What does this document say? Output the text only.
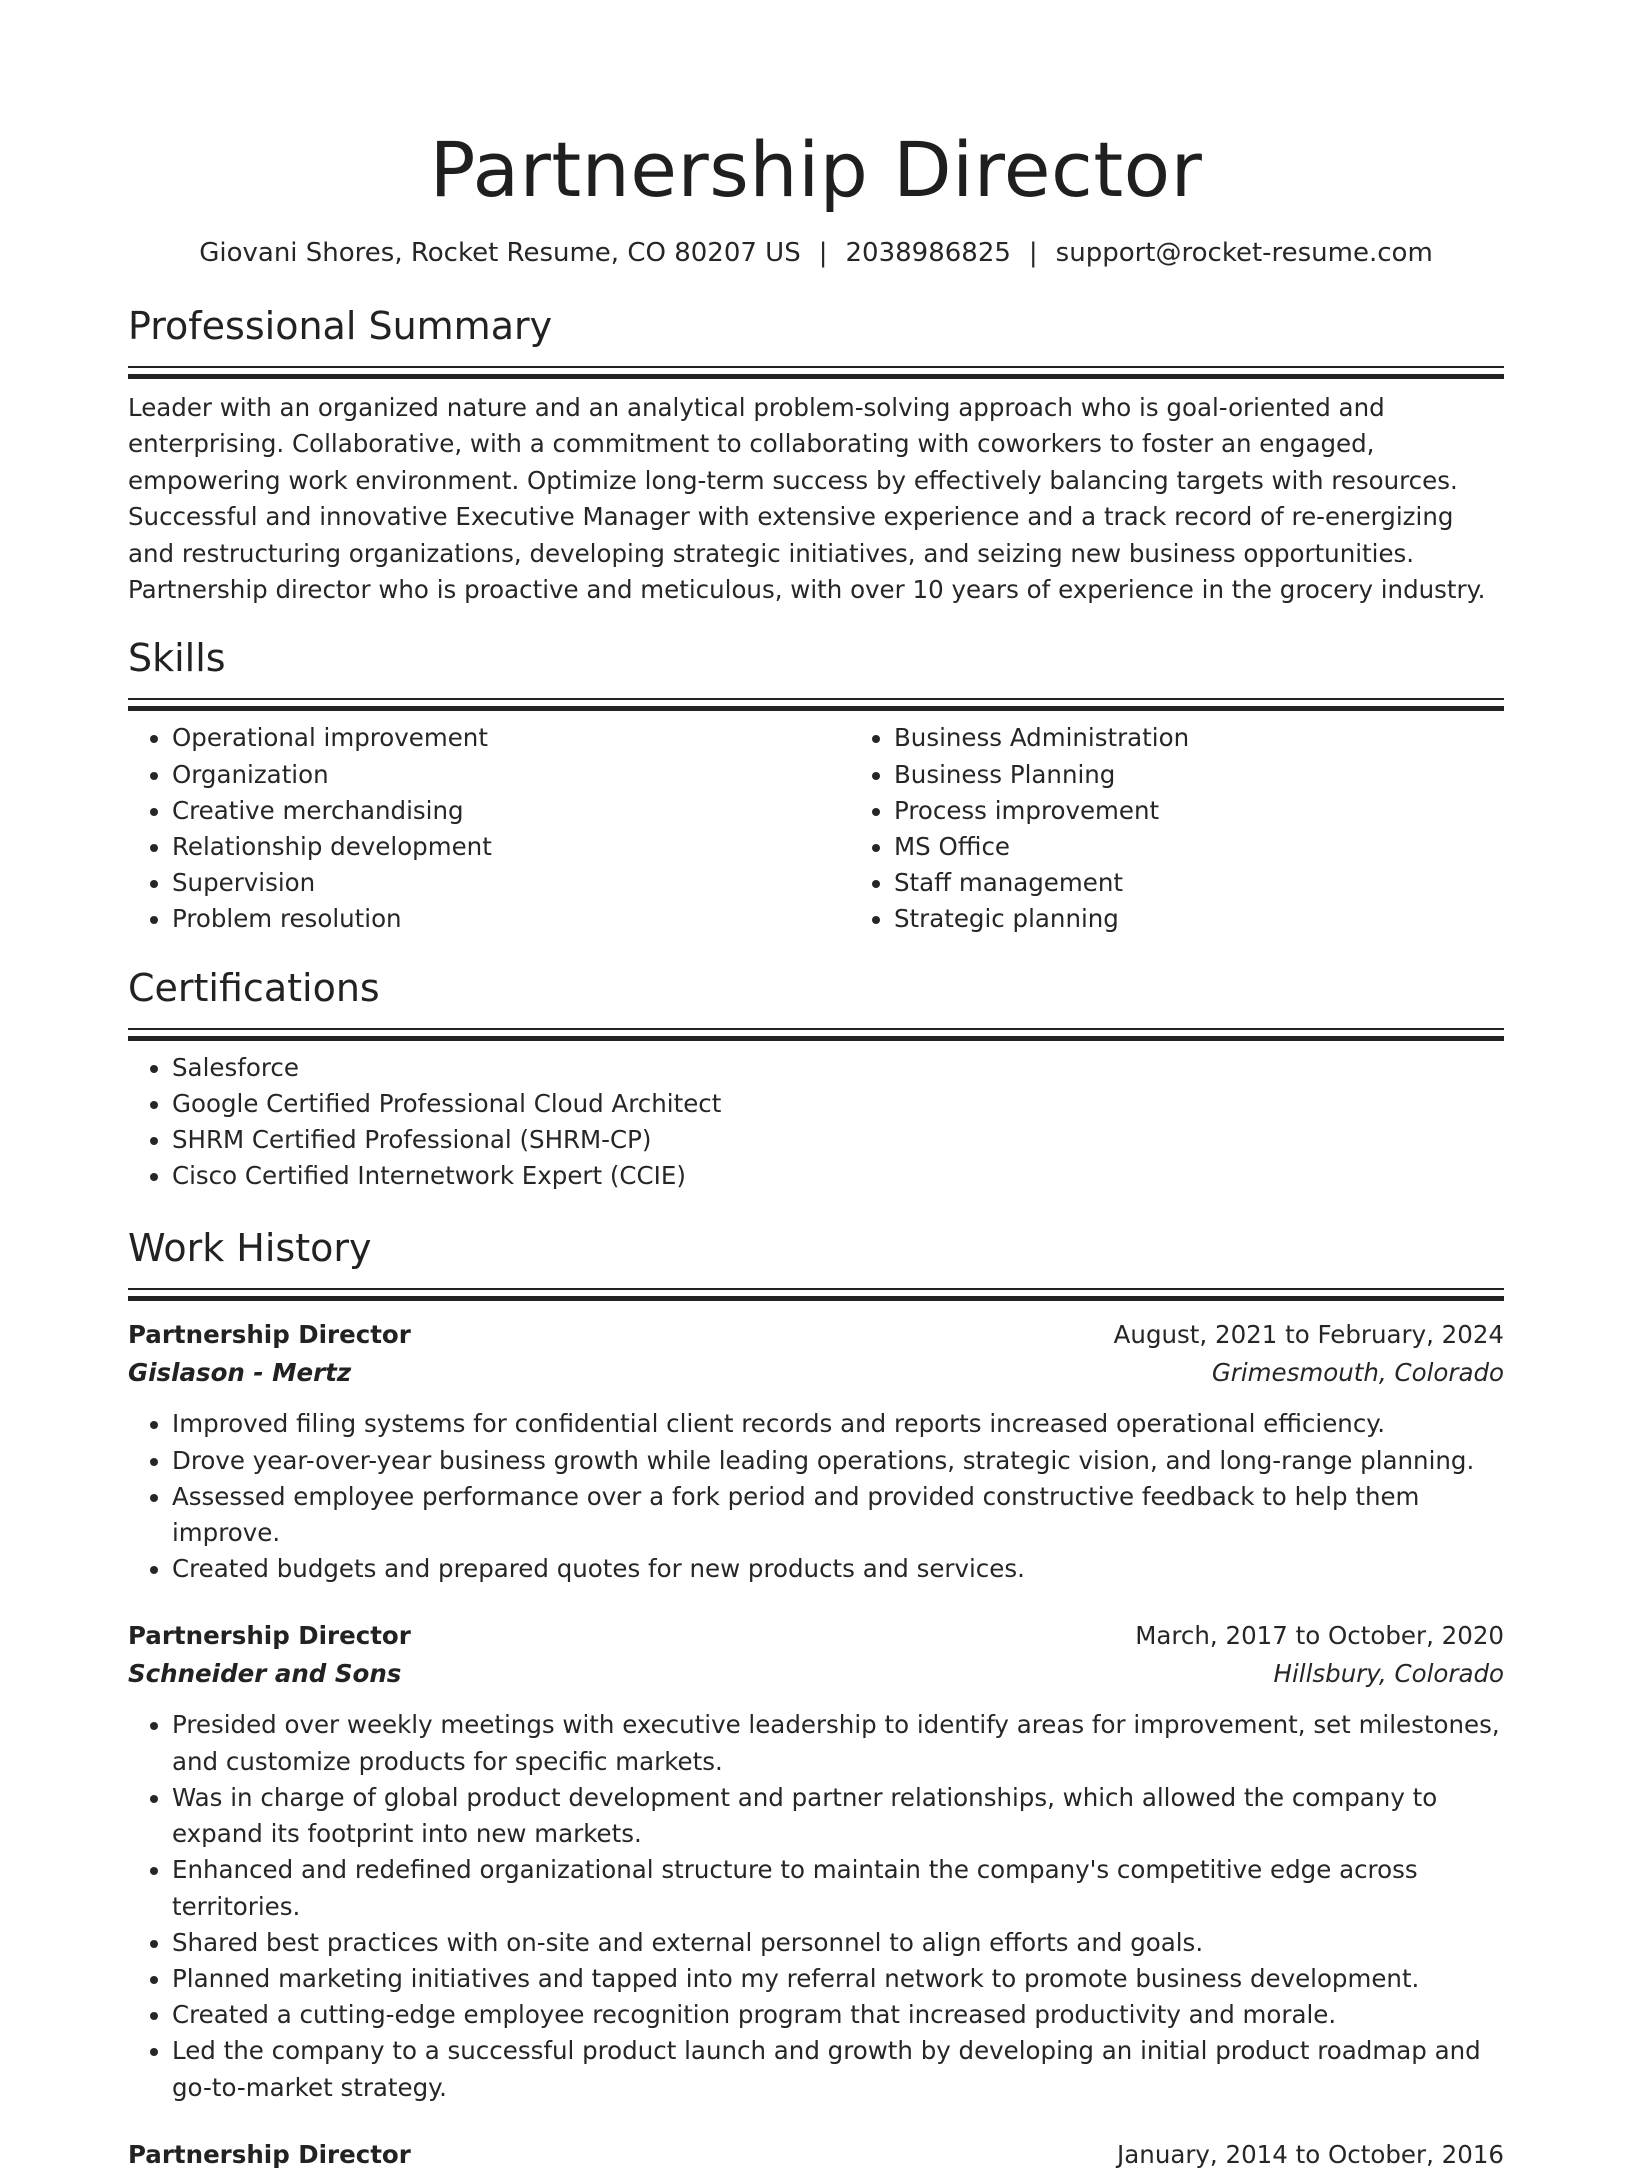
Partnership Director
Giovani Shores, Rocket Resume, CO 80207 US | 2038986825 | support@rocket-resume.com
Professional Summary

Leader with an organized nature and an analytical problem-solving approach who is goal-oriented and enterprising. Collaborative, with a commitment to collaborating with coworkers to foster an engaged, empowering work environment. Optimize long-term success by effectively balancing targets with resources. Successful and innovative Executive Manager with extensive experience and a track record of re-energizing and restructuring organizations, developing strategic initiatives, and seizing new business opportunities. Partnership director who is proactive and meticulous, with over 10 years of experience in the grocery industry.

Skills
• Operational improvement
• Organization
• Creative merchandising
• Relationship development
• Supervision
• Problem resolution
• Business Administration
• Business Planning
• Process improvement
• MS Office
• Staff management
• Strategic planning
Certifications
• Salesforce
• Google Certified Professional Cloud Architect
• SHRM Certified Professional (SHRM-CP)
• Cisco Certified Internetwork Expert (CCIE)
Work History
Partnership Director	August, 2021 to February, 2024
Gislason - Mertz	Grimesmouth, Colorado
• Improved filing systems for confidential client records and reports increased operational efficiency.
• Drove year-over-year business growth while leading operations, strategic vision, and long-range planning.
• Assessed employee performance over a fork period and provided constructive feedback to help them improve.
• Created budgets and prepared quotes for new products and services.
Partnership Director	March, 2017 to October, 2020
Schneider and Sons	Hillsbury, Colorado
• Presided over weekly meetings with executive leadership to identify areas for improvement, set milestones, and customize products for specific markets.
• Was in charge of global product development and partner relationships, which allowed the company to expand its footprint into new markets.
• Enhanced and redefined organizational structure to maintain the company's competitive edge across territories.
• Shared best practices with on-site and external personnel to align efforts and goals.
• Planned marketing initiatives and tapped into my referral network to promote business development.
• Created a cutting-edge employee recognition program that increased productivity and morale.
• Led the company to a successful product launch and growth by developing an initial product roadmap and go-to-market strategy.
Partnership Director	January, 2014 to October, 2016
